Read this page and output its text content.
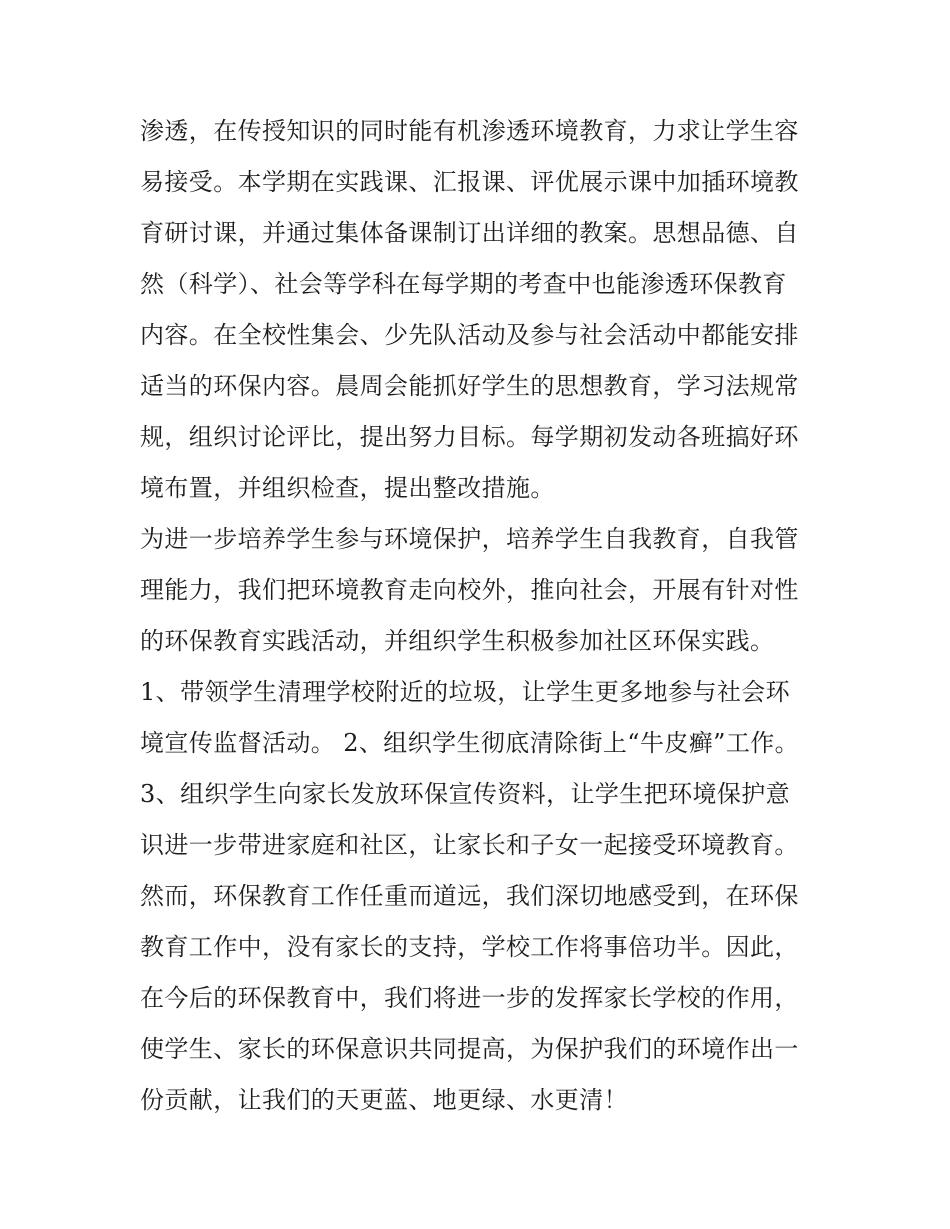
渗透，在传授知识的同时能有机渗透环境教育，力求让学生容
易接受。本学期在实践课、汇报课、评优展示课中加插环境教
育研讨课，并通过集体备课制订出详细的教案。思想品德、自
然（科学）、社会等学科在每学期的考查中也能渗透环保教育
内容。在全校性集会、少先队活动及参与社会活动中都能安排
适当的环保内容。晨周会能抓好学生的思想教育，学习法规常
规，组织讨论评比，提出努力目标。每学期初发动各班搞好环
境布置，并组织检查，提出整改措施。
为进一步培养学生参与环境保护，培养学生自我教育，自我管
理能力，我们把环境教育走向校外，推向社会，开展有针对性
的环保教育实践活动，并组织学生积极参加社区环保实践。
1、带领学生清理学校附近的垃圾，让学生更多地参与社会环
境宣传监督活动。 2、组织学生彻底清除街上“牛皮癣”工作。
3、组织学生向家长发放环保宣传资料，让学生把环境保护意
识进一步带进家庭和社区，让家长和子女一起接受环境教育。
然而，环保教育工作任重而道远，我们深切地感受到，在环保
教育工作中，没有家长的支持，学校工作将事倍功半。因此，
在今后的环保教育中，我们将进一步的发挥家长学校的作用，
使学生、家长的环保意识共同提高，为保护我们的环境作出一
份贡献，让我们的天更蓝、地更绿、水更清！
